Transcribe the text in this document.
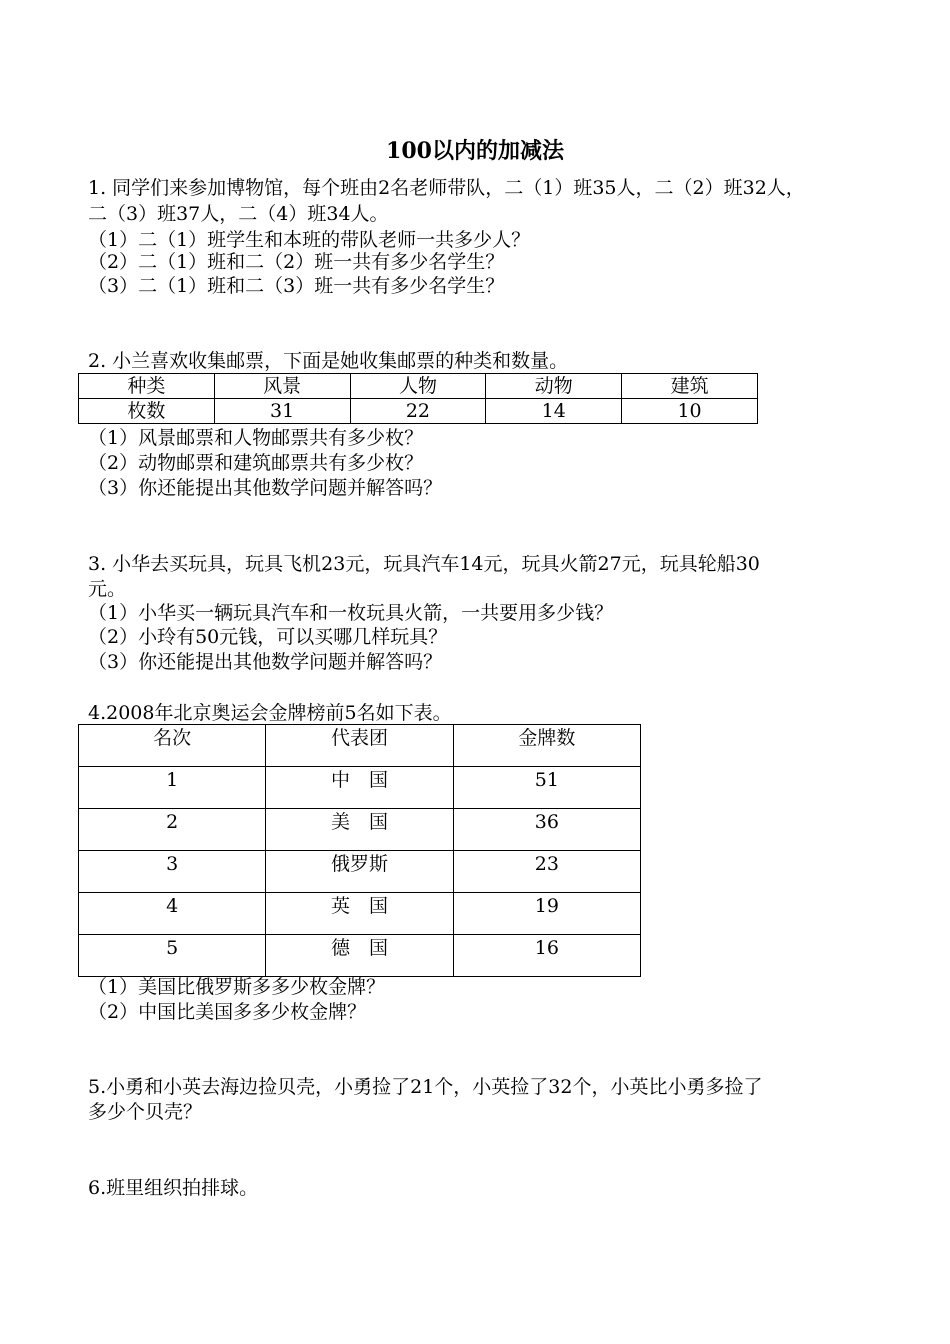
100以内的加减法
1. 同学们来参加博物馆，每个班由2名老师带队，二（1）班35人，二（2）班32人，
二（3）班37人，二（4）班34人。
（1）二（1）班学生和本班的带队老师一共多少人？
（2）二（1）班和二（2）班一共有多少名学生？
（3）二（1）班和二（3）班一共有多少名学生？
2. 小兰喜欢收集邮票，下面是她收集邮票的种类和数量。
种类	风景	人物	动物	建筑
枚数	31	22	14	10
（1）风景邮票和人物邮票共有多少枚？
（2）动物邮票和建筑邮票共有多少枚？
（3）你还能提出其他数学问题并解答吗？
3. 小华去买玩具，玩具飞机23元，玩具汽车14元，玩具火箭27元，玩具轮船30
元。
（1）小华买一辆玩具汽车和一枚玩具火箭，一共要用多少钱？
（2）小玲有50元钱，可以买哪几样玩具？
（3）你还能提出其他数学问题并解答吗？
4.2008年北京奥运会金牌榜前5名如下表。
名次	代表团	金牌数
1	中　国	51
2	美　国	36
3	俄罗斯	23
4	英　国	19
5	德　国	16
（1）美国比俄罗斯多多少枚金牌？
（2）中国比美国多多少枚金牌？
5.小勇和小英去海边捡贝壳，小勇捡了21个，小英捡了32个，小英比小勇多捡了
多少个贝壳？
6.班里组织拍排球。
